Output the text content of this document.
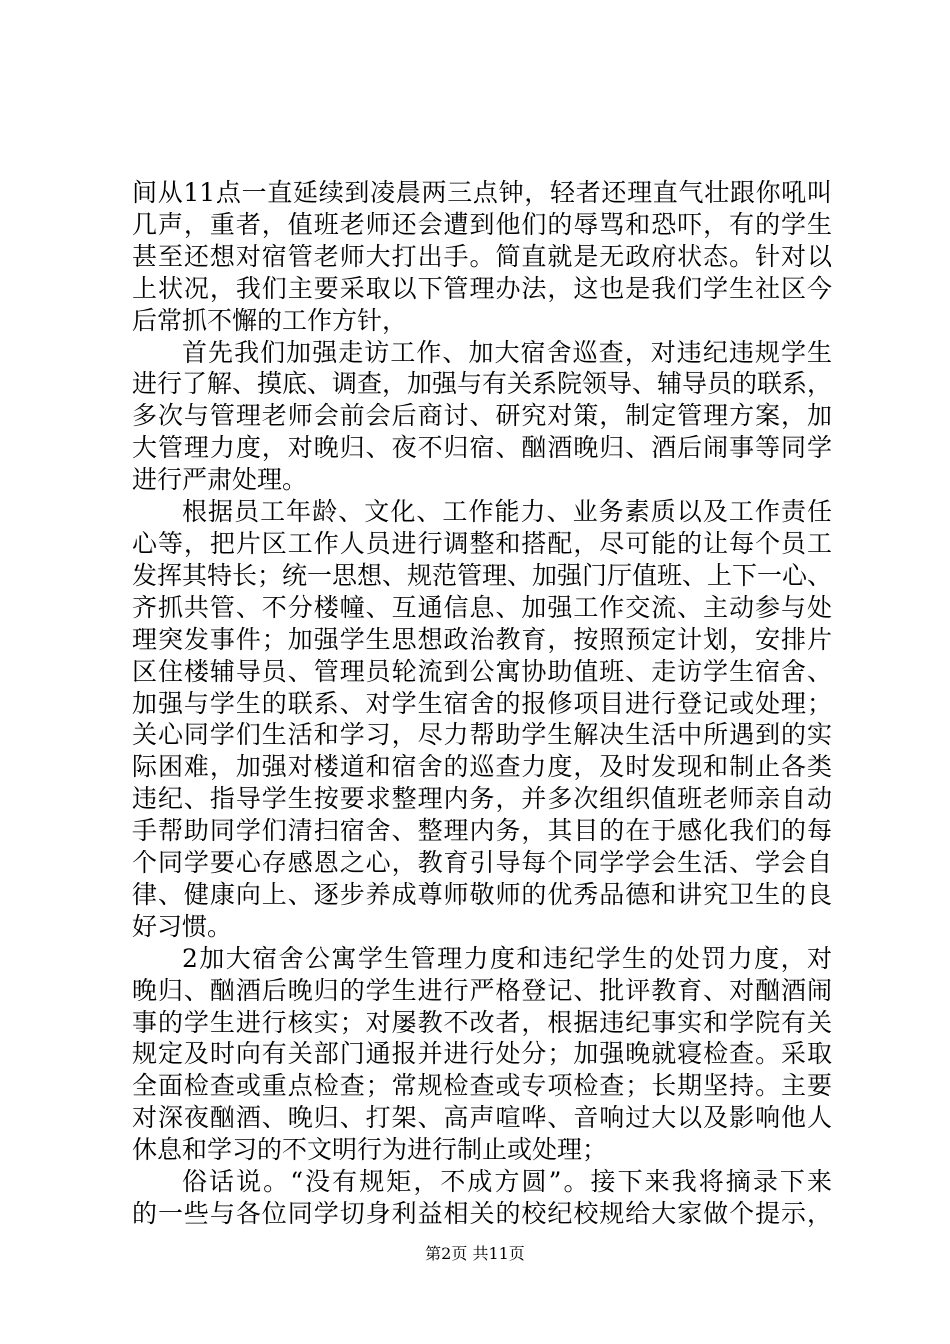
间从11点一直延续到凌晨两三点钟，轻者还理直气壮跟你吼叫
几声，重者，值班老师还会遭到他们的辱骂和恐吓，有的学生
甚至还想对宿管老师大打出手。简直就是无政府状态。针对以
上状况，我们主要采取以下管理办法，这也是我们学生社区今
后常抓不懈的工作方针，
首先我们加强走访工作、加大宿舍巡查，对违纪违规学生
进行了解、摸底、调查，加强与有关系院领导、辅导员的联系，
多次与管理老师会前会后商讨、研究对策，制定管理方案，加
大管理力度，对晚归、夜不归宿、酗酒晚归、酒后闹事等同学
进行严肃处理。
根据员工年龄、文化、工作能力、业务素质以及工作责任
心等，把片区工作人员进行调整和搭配，尽可能的让每个员工
发挥其特长；统一思想、规范管理、加强门厅值班、上下一心、
齐抓共管、不分楼幢、互通信息、加强工作交流、主动参与处
理突发事件；加强学生思想政治教育，按照预定计划，安排片
区住楼辅导员、管理员轮流到公寓协助值班、走访学生宿舍、
加强与学生的联系、对学生宿舍的报修项目进行登记或处理；
关心同学们生活和学习，尽力帮助学生解决生活中所遇到的实
际困难，加强对楼道和宿舍的巡查力度，及时发现和制止各类
违纪、指导学生按要求整理内务，并多次组织值班老师亲自动
手帮助同学们清扫宿舍、整理内务，其目的在于感化我们的每
个同学要心存感恩之心，教育引导每个同学学会生活、学会自
律、健康向上、逐步养成尊师敬师的优秀品德和讲究卫生的良
好习惯。
2加大宿舍公寓学生管理力度和违纪学生的处罚力度，对
晚归、酗酒后晚归的学生进行严格登记、批评教育、对酗酒闹
事的学生进行核实；对屡教不改者，根据违纪事实和学院有关
规定及时向有关部门通报并进行处分；加强晚就寝检查。采取
全面检查或重点检查；常规检查或专项检查；长期坚持。主要
对深夜酗酒、晚归、打架、高声喧哗、音响过大以及影响他人
休息和学习的不文明行为进行制止或处理；
俗话说。“没有规矩，不成方圆”。接下来我将摘录下来
的一些与各位同学切身利益相关的校纪校规给大家做个提示，
第2页 共11页
